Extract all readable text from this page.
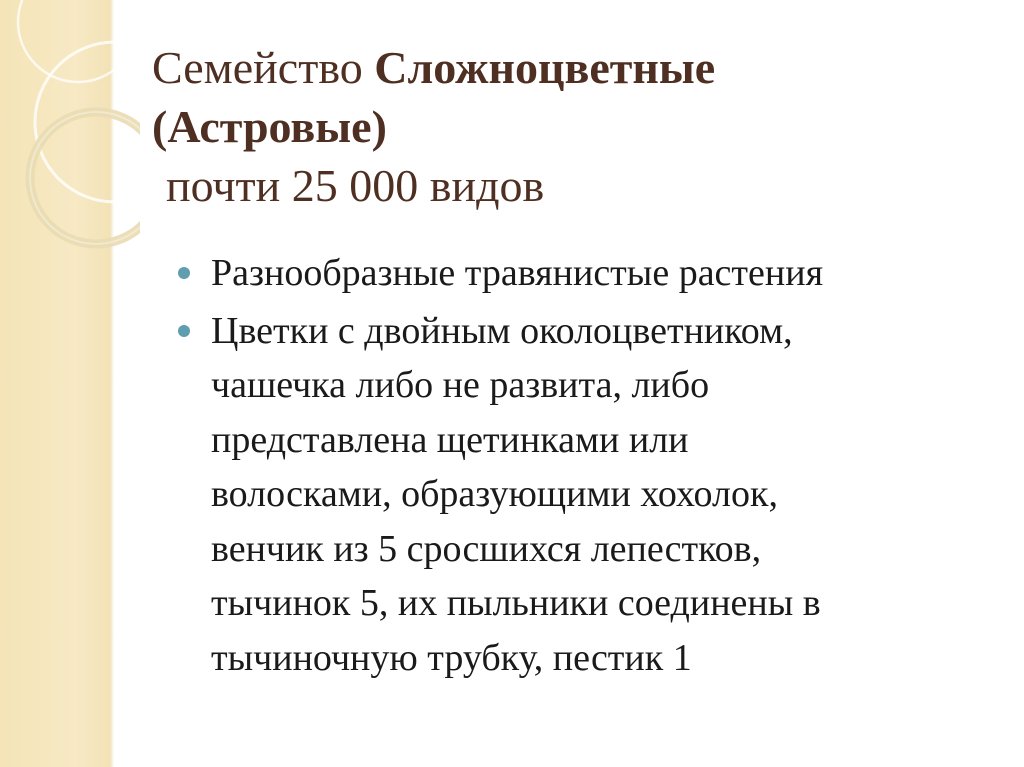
Семейство Сложноцветные
(Астровые)
почти 25 000 видов
Разнообразные травянистые растения
Цветки с двойным околоцветником,
чашечка либо не развита, либо
представлена щетинками или
волосками, образующими хохолок,
венчик из 5 сросшихся лепестков,
тычинок 5, их пыльники соединены в
тычиночную трубку, пестик 1
